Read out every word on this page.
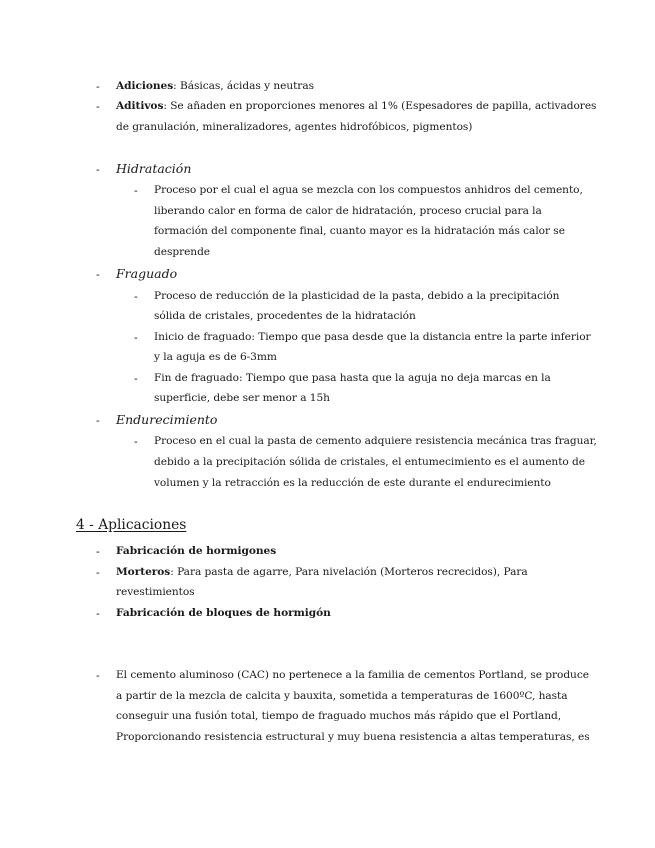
- Adiciones: Básicas, ácidas y neutras
- Aditivos: Se añaden en proporciones menores al 1% (Espesadores de papilla, activadores
de granulación, mineralizadores, agentes hidrofóbicos, pigmentos)
- Hidratación
- Proceso por el cual el agua se mezcla con los compuestos anhidros del cemento,
liberando calor en forma de calor de hidratación, proceso crucial para la
formación del componente final, cuanto mayor es la hidratación más calor se
desprende
- Fraguado
- Proceso de reducción de la plasticidad de la pasta, debido a la precipitación
sólida de cristales, procedentes de la hidratación
- Inicio de fraguado: Tiempo que pasa desde que la distancia entre la parte inferior
y la aguja es de 6-3mm
- Fin de fraguado: Tiempo que pasa hasta que la aguja no deja marcas en la
superficie, debe ser menor a 15h
- Endurecimiento
- Proceso en el cual la pasta de cemento adquiere resistencia mecánica tras fraguar,
debido a la precipitación sólida de cristales, el entumecimiento es el aumento de
volumen y la retracción es la reducción de este durante el endurecimiento
4 - Aplicaciones
- Fabricación de hormigones
- Morteros: Para pasta de agarre, Para nivelación (Morteros recrecidos), Para
revestimientos
- Fabricación de bloques de hormigón
- El cemento aluminoso (CAC) no pertenece a la familia de cementos Portland, se produce
a partir de la mezcla de calcita y bauxita, sometida a temperaturas de 1600ºC, hasta
conseguir una fusión total, tiempo de fraguado muchos más rápido que el Portland,
Proporcionando resistencia estructural y muy buena resistencia a altas temperaturas, es
